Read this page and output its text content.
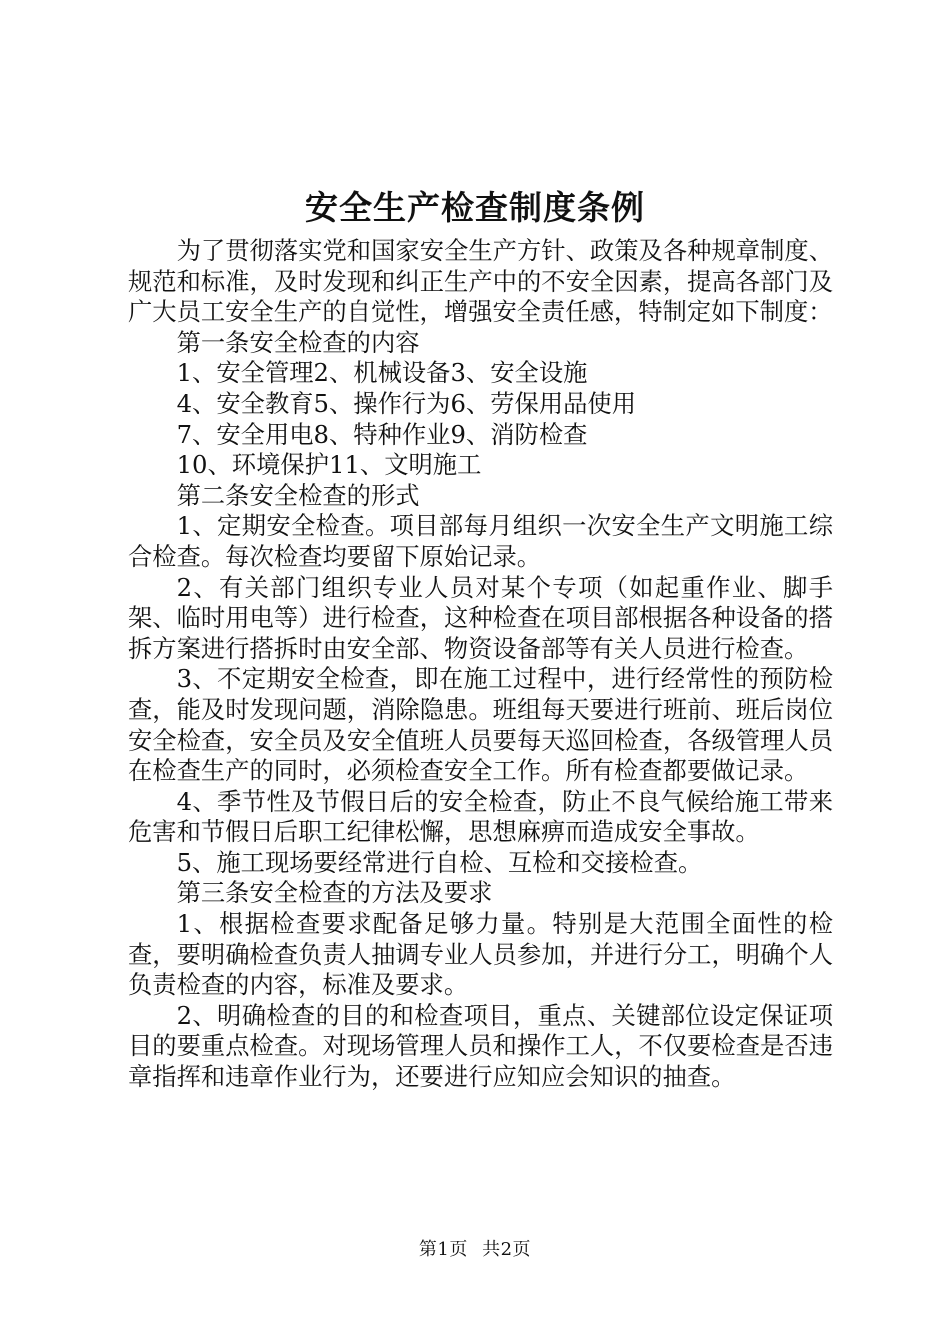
安全生产检查制度条例

为了贯彻落实党和国家安全生产方针、政策及各种规章制度、规范和标准，及时发现和纠正生产中的不安全因素，提高各部门及广大员工安全生产的自觉性，增强安全责任感，特制定如下制度：

第一条安全检查的内容

1、安全管理2、机械设备3、安全设施

4、安全教育5、操作行为6、劳保用品使用

7、安全用电8、特种作业9、消防检查

10、环境保护11、文明施工

第二条安全检查的形式

1、定期安全检查。项目部每月组织一次安全生产文明施工综合检查。每次检查均要留下原始记录。

2、有关部门组织专业人员对某个专项（如起重作业、脚手架、临时用电等）进行检查，这种检查在项目部根据各种设备的搭拆方案进行搭拆时由安全部、物资设备部等有关人员进行检查。

3、不定期安全检查，即在施工过程中，进行经常性的预防检查，能及时发现问题，消除隐患。班组每天要进行班前、班后岗位安全检查，安全员及安全值班人员要每天巡回检查，各级管理人员在检查生产的同时，必须检查安全工作。所有检查都要做记录。

4、季节性及节假日后的安全检查，防止不良气候给施工带来危害和节假日后职工纪律松懈，思想麻痹而造成安全事故。

5、施工现场要经常进行自检、互检和交接检查。

第三条安全检查的方法及要求

1、根据检查要求配备足够力量。特别是大范围全面性的检查，要明确检查负责人抽调专业人员参加，并进行分工，明确个人负责检查的内容，标准及要求。

2、明确检查的目的和检查项目，重点、关键部位设定保证项目的要重点检查。对现场管理人员和操作工人，不仅要检查是否违章指挥和违章作业行为，还要进行应知应会知识的抽查。

第1页 共2页
